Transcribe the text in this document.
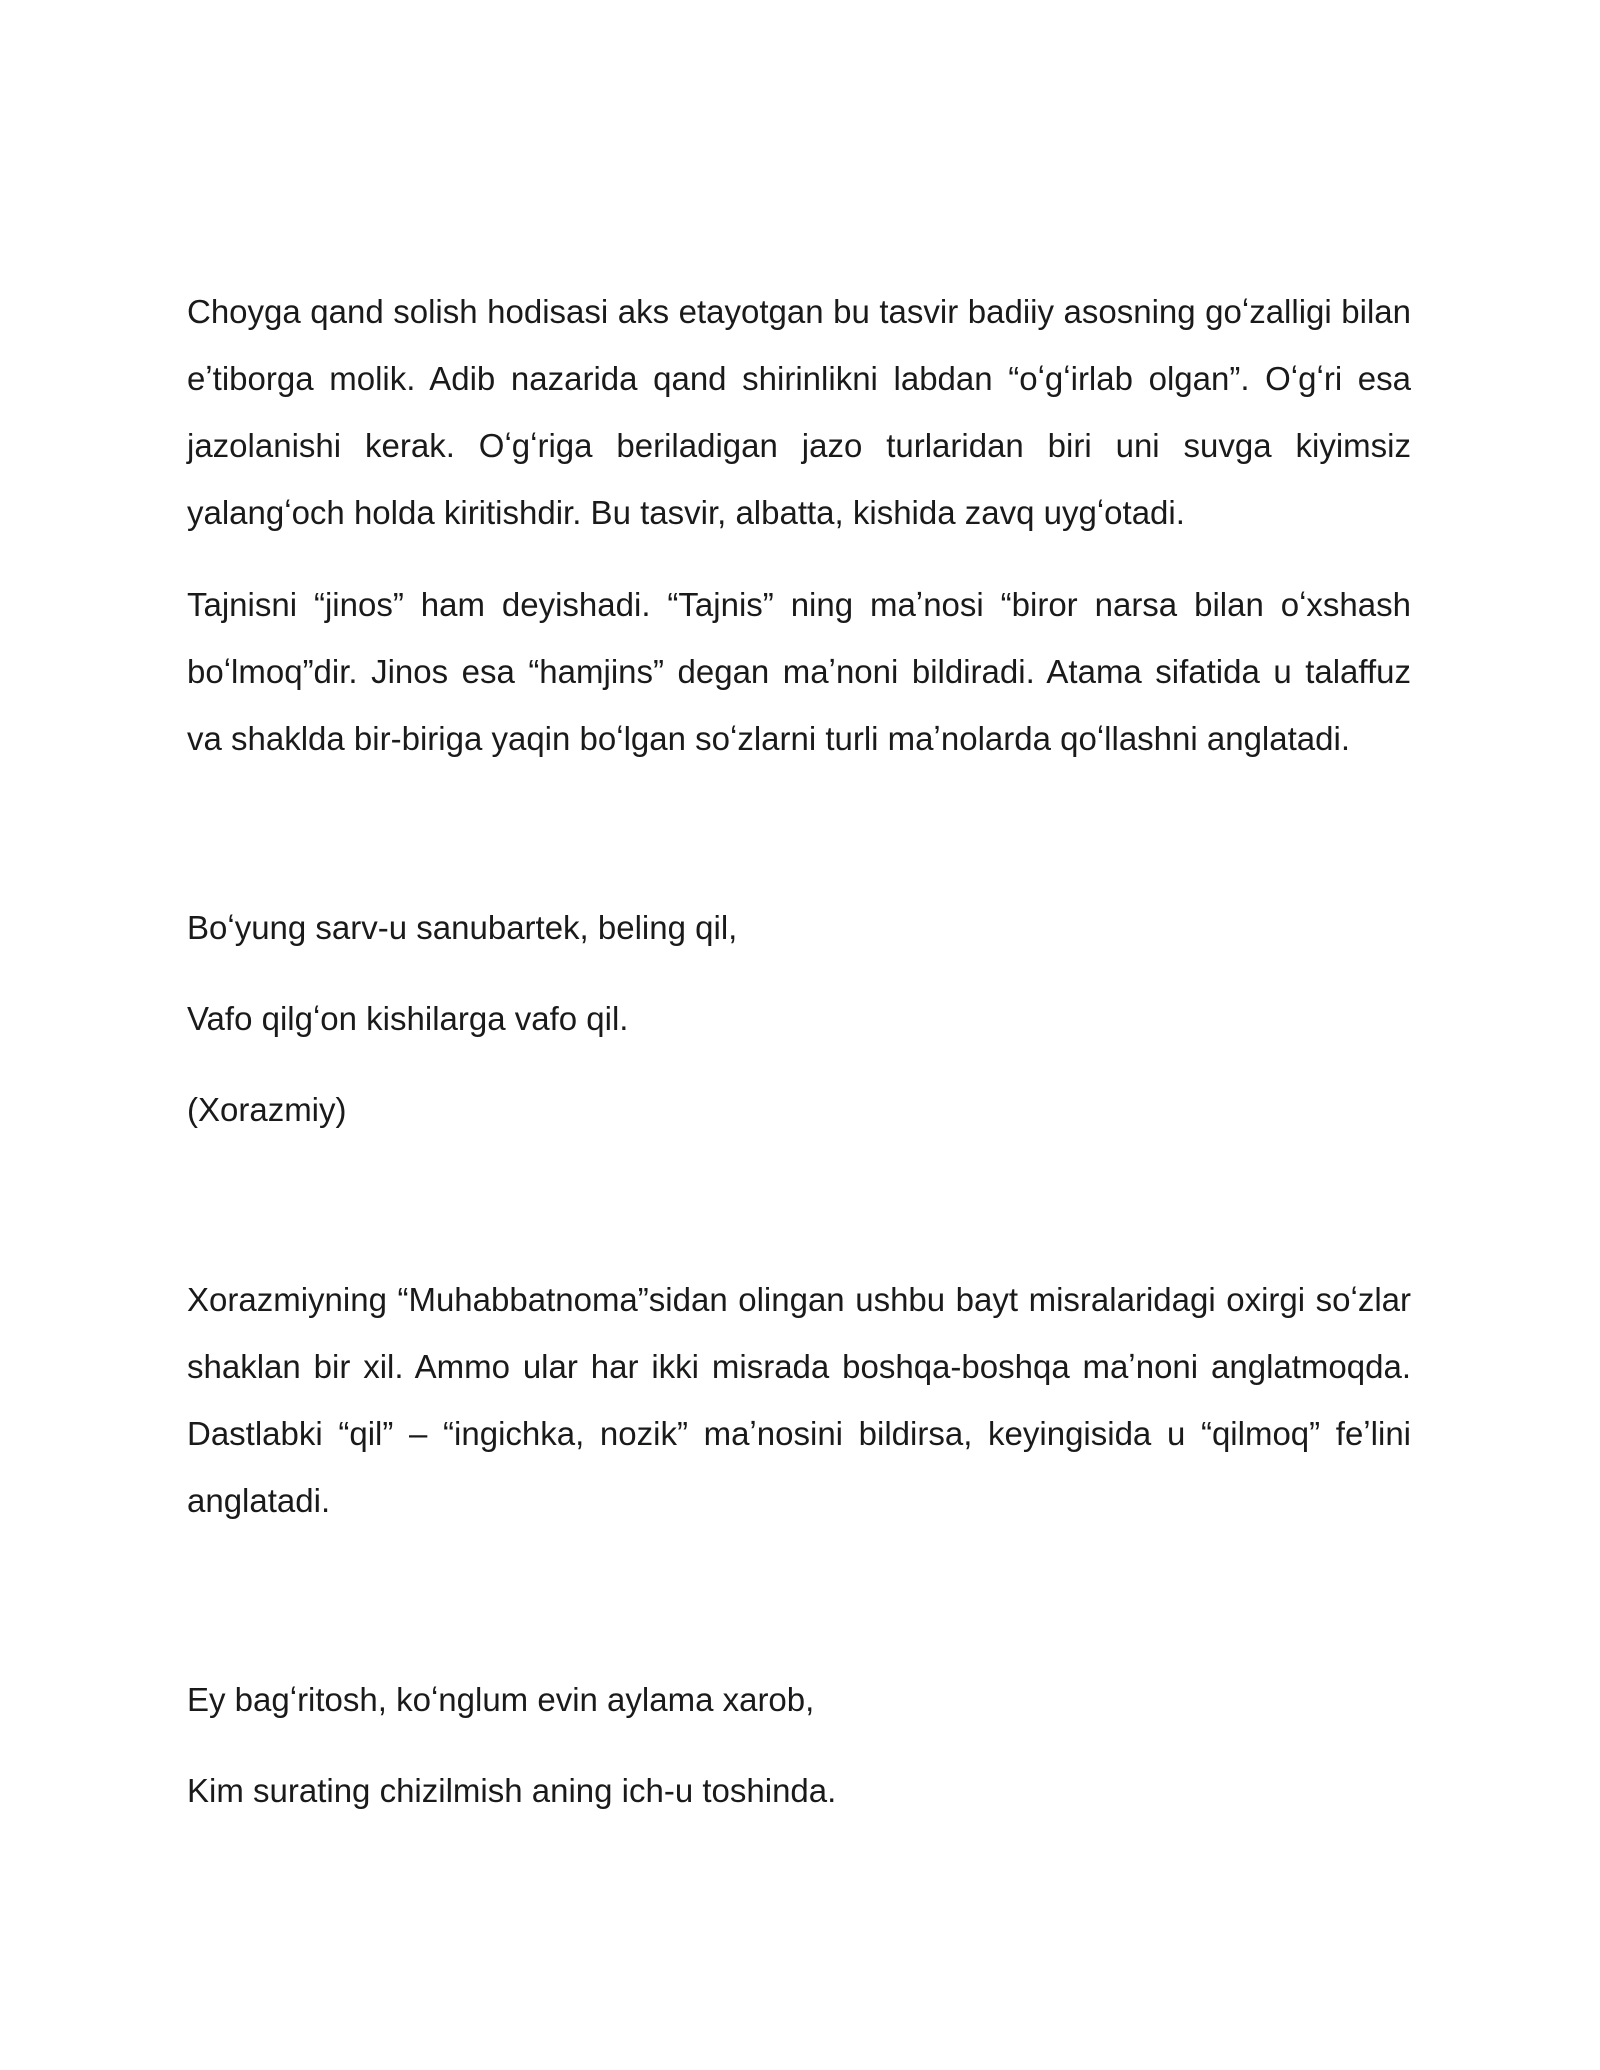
Choyga qand solish hodisasi aks etayotgan bu tasvir badiiy asosning goʻzalligi bilan eʼtiborga molik. Adib nazarida qand shirinlikni labdan “oʻgʻirlab olgan”. Oʻgʻri esa jazolanishi kerak. Oʻgʻriga beriladigan jazo turlaridan biri uni suvga kiyimsiz yalangʻoch holda kiritishdir. Bu tasvir, albatta, kishida zavq uygʻotadi.

Tajnisni “jinos” ham deyishadi. “Tajnis” ning maʼnosi “biror narsa bilan oʻxshash boʻlmoq”dir. Jinos esa “hamjins” degan maʼnoni bildiradi. Atama sifatida u talaffuz va shaklda bir-biriga yaqin boʻlgan soʻzlarni turli maʼnolarda qoʻllashni anglatadi.

Boʻyung sarv-u sanubartek, beling qil,

Vafo qilgʻon kishilarga vafo qil.

(Xorazmiy)

Xorazmiyning “Muhabbatnoma”sidan olingan ushbu bayt misralaridagi oxirgi soʻzlar shaklan bir xil. Ammo ular har ikki misrada boshqa-boshqa maʼnoni anglatmoqda. Dastlabki “qil” – “ingichka, nozik” maʼnosini bildirsa, keyingisida u “qilmoq” feʼlini anglatadi.

Ey bagʻritosh, koʻnglum evin aylama xarob,

Kim surating chizilmish aning ich-u toshinda.
